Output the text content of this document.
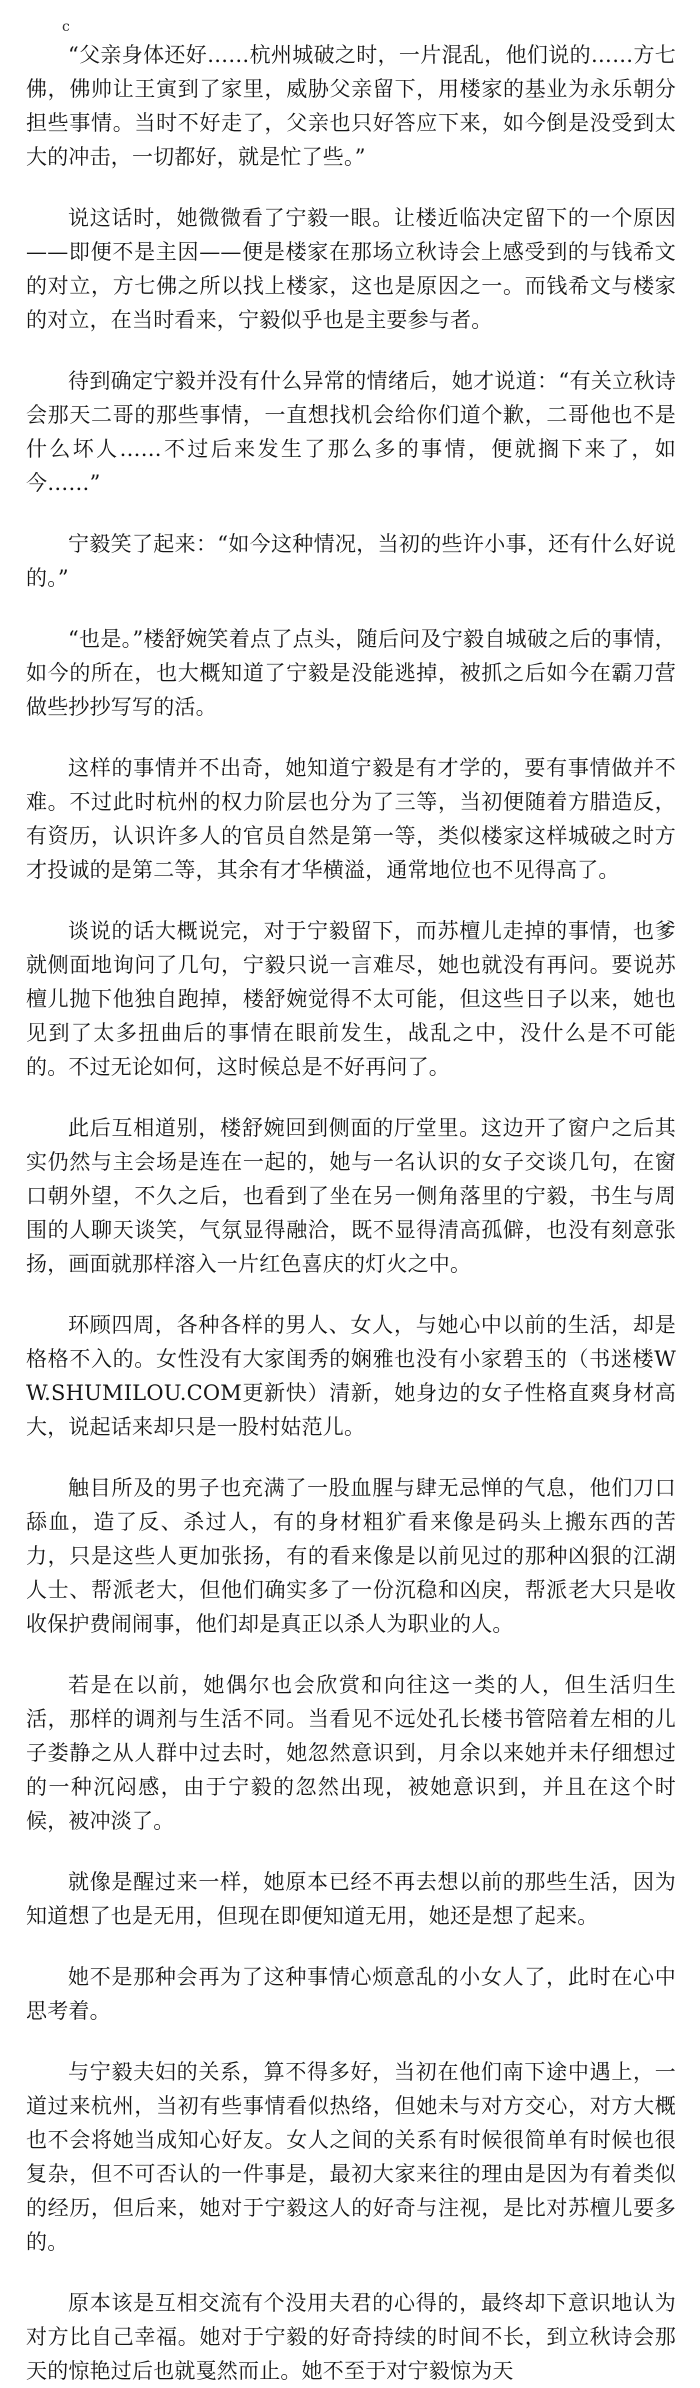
c

“父亲身体还好……杭州城破之时，一片混乱，他们说的……方七佛，佛帅让王寅到了家里，威胁父亲留下，用楼家的基业为永乐朝分担些事情。当时不好走了，父亲也只好答应下来，如今倒是没受到太大的冲击，一切都好，就是忙了些。”

说这话时，她微微看了宁毅一眼。让楼近临决定留下的一个原因——即便不是主因——便是楼家在那场立秋诗会上感受到的与钱希文的对立，方七佛之所以找上楼家，这也是原因之一。而钱希文与楼家的对立，在当时看来，宁毅似乎也是主要参与者。

待到确定宁毅并没有什么异常的情绪后，她才说道：“有关立秋诗会那天二哥的那些事情，一直想找机会给你们道个歉，二哥他也不是什么坏人……不过后来发生了那么多的事情，便就搁下来了，如今……”

宁毅笑了起来：“如今这种情况，当初的些许小事，还有什么好说的。”

“也是。”楼舒婉笑着点了点头，随后问及宁毅自城破之后的事情，如今的所在，也大概知道了宁毅是没能逃掉，被抓之后如今在霸刀营做些抄抄写写的活。

这样的事情并不出奇，她知道宁毅是有才学的，要有事情做并不难。不过此时杭州的权力阶层也分为了三等，当初便随着方腊造反，有资历，认识许多人的官员自然是第一等，类似楼家这样城破之时方才投诚的是第二等，其余有才华横溢，通常地位也不见得高了。

谈说的话大概说完，对于宁毅留下，而苏檀儿走掉的事情，也爹就侧面地询问了几句，宁毅只说一言难尽，她也就没有再问。要说苏檀儿抛下他独自跑掉，楼舒婉觉得不太可能，但这些日子以来，她也见到了太多扭曲后的事情在眼前发生，战乱之中，没什么是不可能的。不过无论如何，这时候总是不好再问了。

此后互相道别，楼舒婉回到侧面的厅堂里。这边开了窗户之后其实仍然与主会场是连在一起的，她与一名认识的女子交谈几句，在窗口朝外望，不久之后，也看到了坐在另一侧角落里的宁毅，书生与周围的人聊天谈笑，气氛显得融洽，既不显得清高孤僻，也没有刻意张扬，画面就那样溶入一片红色喜庆的灯火之中。

环顾四周，各种各样的男人、女人，与她心中以前的生活，却是格格不入的。女性没有大家闺秀的娴雅也没有小家碧玉的（书迷楼WW.SHUMILOU.COM更新快）清新，她身边的女子性格直爽身材高大，说起话来却只是一股村姑范儿。

触目所及的男子也充满了一股血腥与肆无忌惮的气息，他们刀口舔血，造了反、杀过人，有的身材粗犷看来像是码头上搬东西的苦力，只是这些人更加张扬，有的看来像是以前见过的那种凶狠的江湖人士、帮派老大，但他们确实多了一份沉稳和凶戾，帮派老大只是收收保护费闹闹事，他们却是真正以杀人为职业的人。

若是在以前，她偶尔也会欣赏和向往这一类的人，但生活归生活，那样的调剂与生活不同。当看见不远处孔长楼书管陪着左相的儿子娄静之从人群中过去时，她忽然意识到，月余以来她并未仔细想过的一种沉闷感，由于宁毅的忽然出现，被她意识到，并且在这个时候，被冲淡了。

就像是醒过来一样，她原本已经不再去想以前的那些生活，因为知道想了也是无用，但现在即便知道无用，她还是想了起来。

她不是那种会再为了这种事情心烦意乱的小女人了，此时在心中思考着。

与宁毅夫妇的关系，算不得多好，当初在他们南下途中遇上，一道过来杭州，当初有些事情看似热络，但她未与对方交心，对方大概也不会将她当成知心好友。女人之间的关系有时候很简单有时候也很复杂，但不可否认的一件事是，最初大家来往的理由是因为有着类似的经历，但后来，她对于宁毅这人的好奇与注视，是比对苏檀儿要多的。

原本该是互相交流有个没用夫君的心得的，最终却下意识地认为对方比自己幸福。她对于宁毅的好奇持续的时间不长，到立秋诗会那天的惊艳过后也就戛然而止。她不至于对宁毅惊为天
